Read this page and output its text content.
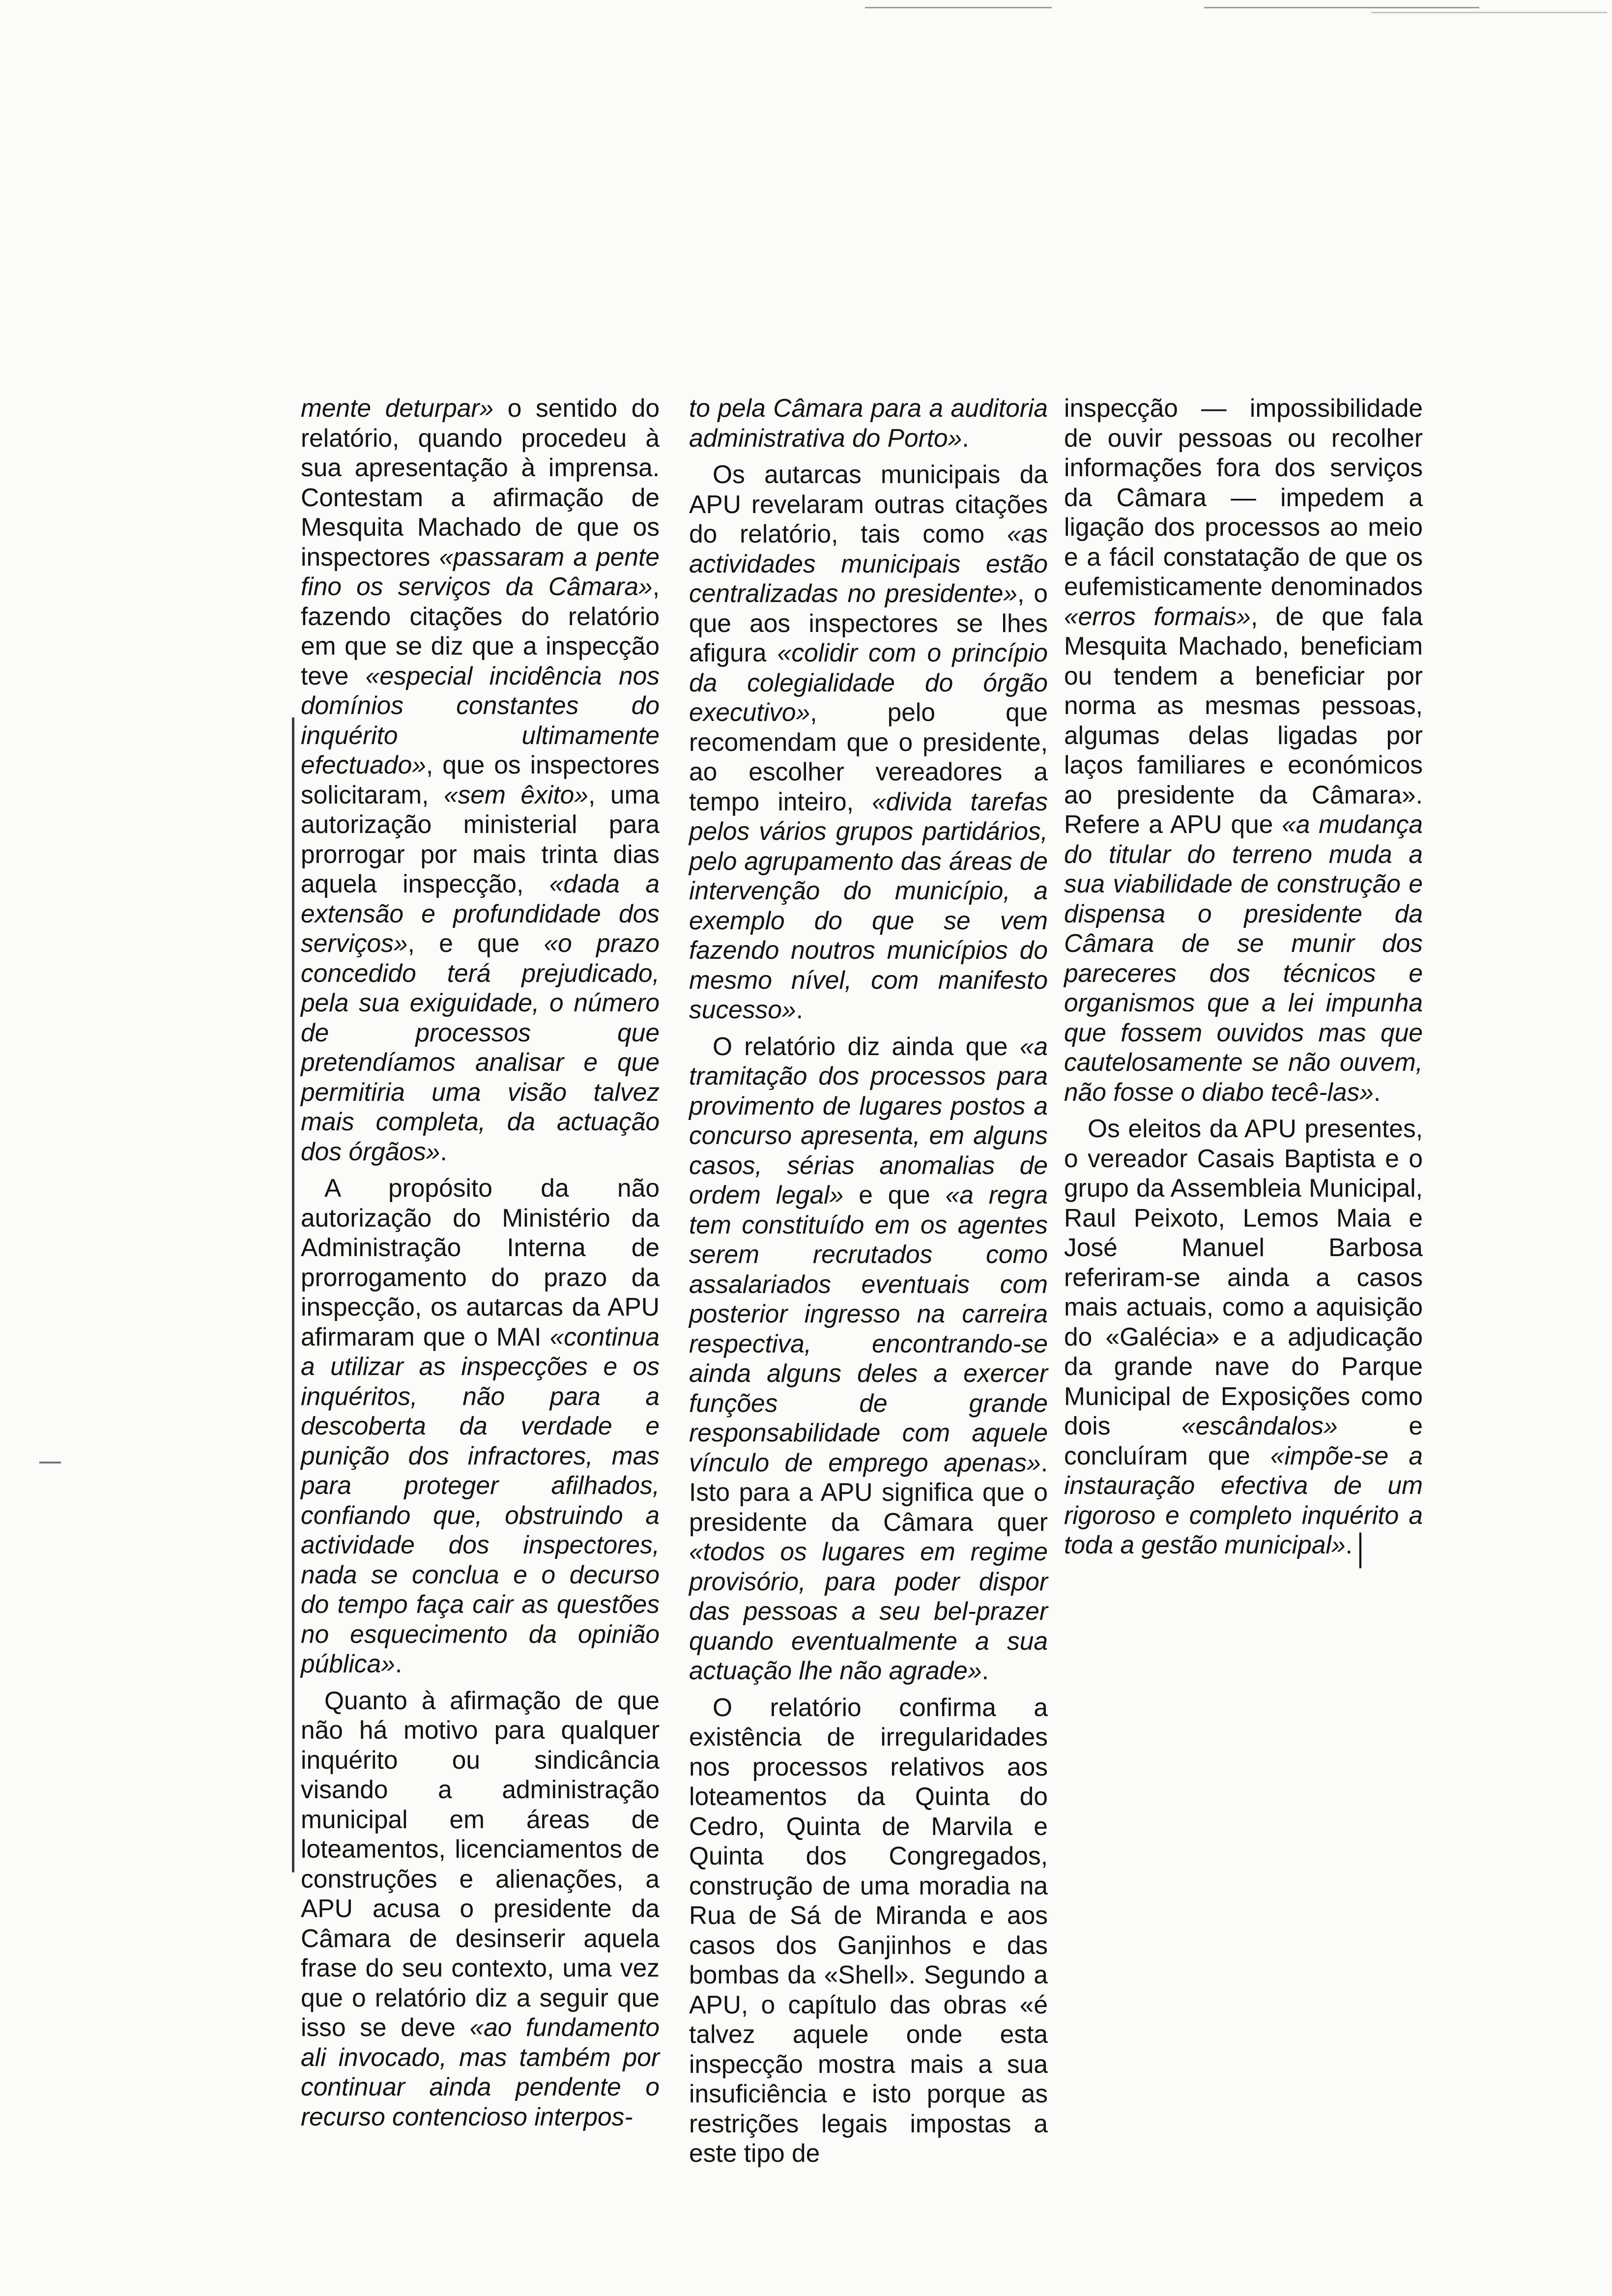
mente deturpar» o sentido do relatório, quando procedeu à sua apresentação à imprensa. Contestam a afirmação de Mesquita Machado de que os inspectores «passaram a pente fino os serviços da Câmara», fazendo citações do relatório em que se diz que a inspecção teve «especial incidência nos domínios constantes do inquérito ultimamente efectuado», que os inspectores solicitaram, «sem êxito», uma autorização ministerial para prorrogar por mais trinta dias aquela inspecção, «dada a extensão e profundidade dos serviços», e que «o prazo concedido terá prejudicado, pela sua exiguidade, o número de processos que pretendíamos analisar e que permitiria uma visão talvez mais completa, da actuação dos órgãos».

A propósito da não autorização do Ministério da Administração Interna de prorrogamento do prazo da inspecção, os autarcas da APU afirmaram que o MAI «continua a utilizar as inspecções e os inquéritos, não para a descoberta da verdade e punição dos infractores, mas para proteger afilhados, confiando que, obstruindo a actividade dos inspectores, nada se conclua e o decurso do tempo faça cair as questões no esquecimento da opinião pública».

Quanto à afirmação de que não há motivo para qualquer inquérito ou sindicância visando a administração municipal em áreas de loteamentos, licenciamentos de construções e alienações, a APU acusa o presidente da Câmara de desinserir aquela frase do seu contexto, uma vez que o relatório diz a seguir que isso se deve «ao fundamento ali invocado, mas também por continuar ainda pendente o recurso contencioso interpos-

to pela Câmara para a auditoria administrativa do Porto».

Os autarcas municipais da APU revelaram outras citações do relatório, tais como «as actividades municipais estão centralizadas no presidente», o que aos inspectores se lhes afigura «colidir com o princípio da colegialidade do órgão executivo», pelo que recomendam que o presidente, ao escolher vereadores a tempo inteiro, «divida tarefas pelos vários grupos partidários, pelo agrupamento das áreas de intervenção do município, a exemplo do que se vem fazendo noutros municípios do mesmo nível, com manifesto sucesso».

O relatório diz ainda que «a tramitação dos processos para provimento de lugares postos a concurso apresenta, em alguns casos, sérias anomalias de ordem legal» e que «a regra tem constituído em os agentes serem recrutados como assalariados eventuais com posterior ingresso na carreira respectiva, encontrando-se ainda alguns deles a exercer funções de grande responsabilidade com aquele vínculo de emprego apenas». Isto para a APU significa que o presidente da Câmara quer «todos os lugares em regime provisório, para poder dispor das pessoas a seu bel-prazer quando eventualmente a sua actuação lhe não agrade».

O relatório confirma a existência de irregularidades nos processos relativos aos loteamentos da Quinta do Cedro, Quinta de Marvila e Quinta dos Congregados, construção de uma moradia na Rua de Sá de Miranda e aos casos dos Ganjinhos e das bombas da «Shell». Segundo a APU, o capítulo das obras «é talvez aquele onde esta inspecção mostra mais a sua insuficiência e isto porque as restrições legais impostas a este tipo de

inspecção — impossibilidade de ouvir pessoas ou recolher informações fora dos serviços da Câmara — impedem a ligação dos processos ao meio e a fácil constatação de que os eufemisticamente denominados «erros formais», de que fala Mesquita Machado, beneficiam ou tendem a beneficiar por norma as mesmas pessoas, algumas delas ligadas por laços familiares e económicos ao presidente da Câmara». Refere a APU que «a mudança do titular do terreno muda a sua viabilidade de construção e dispensa o presidente da Câmara de se munir dos pareceres dos técnicos e organismos que a lei impunha que fossem ouvidos mas que cautelosamente se não ouvem, não fosse o diabo tecê-las».

Os eleitos da APU presentes, o vereador Casais Baptista e o grupo da Assembleia Municipal, Raul Peixoto, Lemos Maia e José Manuel Barbosa referiram-se ainda a casos mais actuais, como a aquisição do «Galécia» e a adjudicação da grande nave do Parque Municipal de Exposições como dois «escândalos» e concluíram que «impõe-se a instauração efectiva de um rigoroso e completo inquérito a toda a gestão municipal».│
